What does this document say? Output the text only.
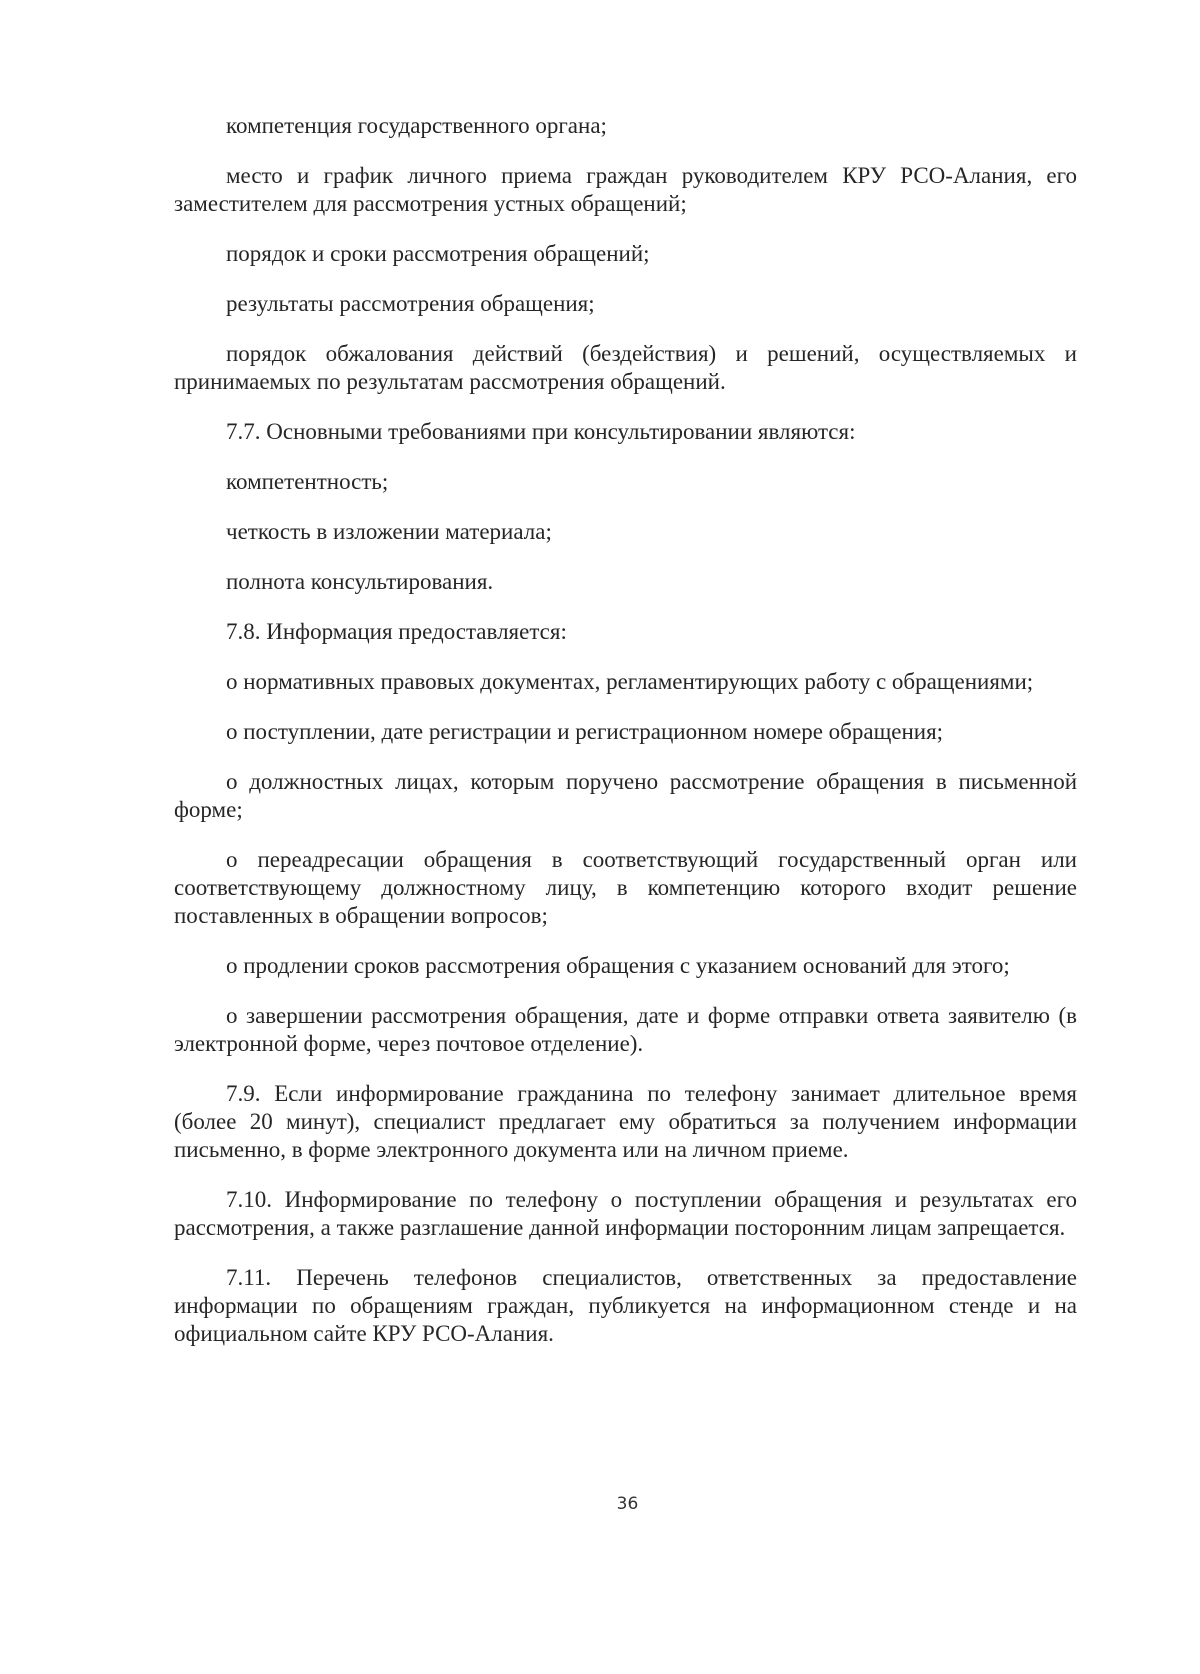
компетенция государственного органа;

место и график личного приема граждан руководителем КРУ РСО-Алания, его заместителем для рассмотрения устных обращений;

порядок и сроки рассмотрения обращений;

результаты рассмотрения обращения;

порядок обжалования действий (бездействия) и решений, осуществляемых и принимаемых по результатам рассмотрения обращений.

7.7. Основными требованиями при консультировании являются:

компетентность;

четкость в изложении материала;

полнота консультирования.

7.8. Информация предоставляется:

о нормативных правовых документах, регламентирующих работу с обращениями;

о поступлении, дате регистрации и регистрационном номере обращения;

о должностных лицах, которым поручено рассмотрение обращения в письменной форме;

о переадресации обращения в соответствующий государственный орган или соответствующему должностному лицу, в компетенцию которого входит решение поставленных в обращении вопросов;

о продлении сроков рассмотрения обращения с указанием оснований для этого;

о завершении рассмотрения обращения, дате и форме отправки ответа заявителю (в электронной форме, через почтовое отделение).

7.9. Если информирование гражданина по телефону занимает длительное время (более 20 минут), специалист предлагает ему обратиться за получением информации письменно, в форме электронного документа или на личном приеме.

7.10. Информирование по телефону о поступлении обращения и результатах его рассмотрения, а также разглашение данной информации посторонним лицам запрещается.

7.11. Перечень телефонов специалистов, ответственных за предоставление информации по обращениям граждан, публикуется на информационном стенде и на официальном сайте КРУ РСО-Алания.

36
